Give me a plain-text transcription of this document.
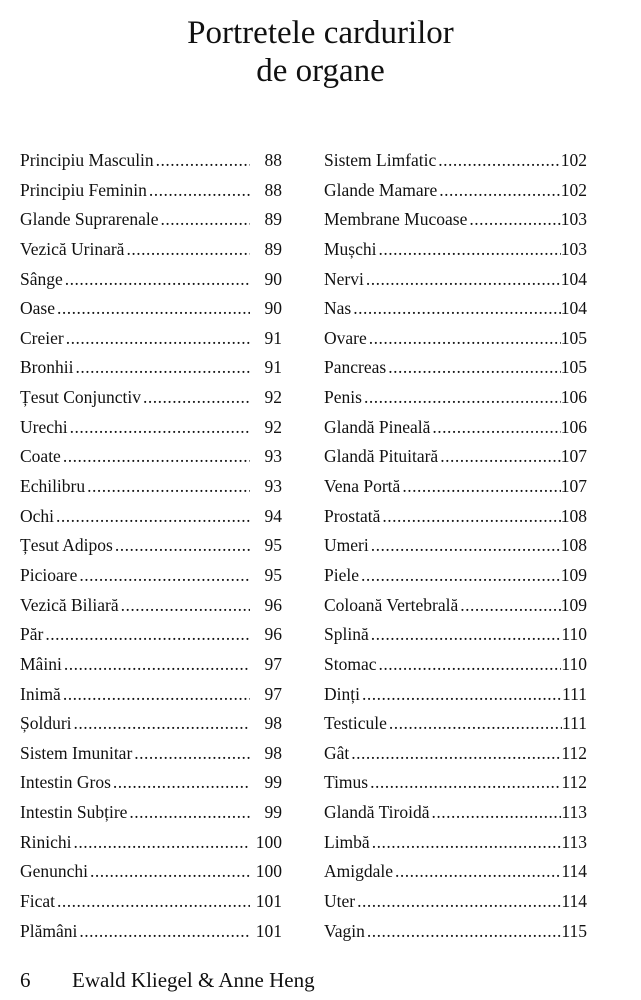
Portretele cardurilor
de organe
Principiu Masculin .....	88
Principiu Feminin .....	88
Glande Suprarenale .....	89
Vezică Urinară .....	89
Sânge .....	90
Oase .....	90
Creier .....	91
Bronhii .....	91
Țesut Conjunctiv .....	92
Urechi .....	92
Coate .....	93
Echilibru .....	93
Ochi .....	94
Țesut Adipos .....	95
Picioare .....	95
Vezică Biliară .....	96
Păr .....	96
Mâini .....	97
Inimă .....	97
Șolduri .....	98
Sistem Imunitar .....	98
Intestin Gros .....	99
Intestin Subțire .....	99
Rinichi .....	100
Genunchi .....	100
Ficat .....	101
Plămâni .....	101
Sistem Limfatic .....	102
Glande Mamare .....	102
Membrane Mucoase .....	103
Mușchi .....	103
Nervi .....	104
Nas .....	104
Ovare .....	105
Pancreas .....	105
Penis .....	106
Glandă Pineală .....	106
Glandă Pituitară .....	107
Vena Portă .....	107
Prostată .....	108
Umeri .....	108
Piele .....	109
Coloană Vertebrală .....	109
Splină .....	110
Stomac .....	110
Dinți .....	111
Testicule .....	111
Gât .....	112
Timus .....	112
Glandă Tiroidă .....	113
Limbă .....	113
Amigdale .....	114
Uter .....	114
Vagin .....	115
6 Ewald Kliegel & Anne Heng
